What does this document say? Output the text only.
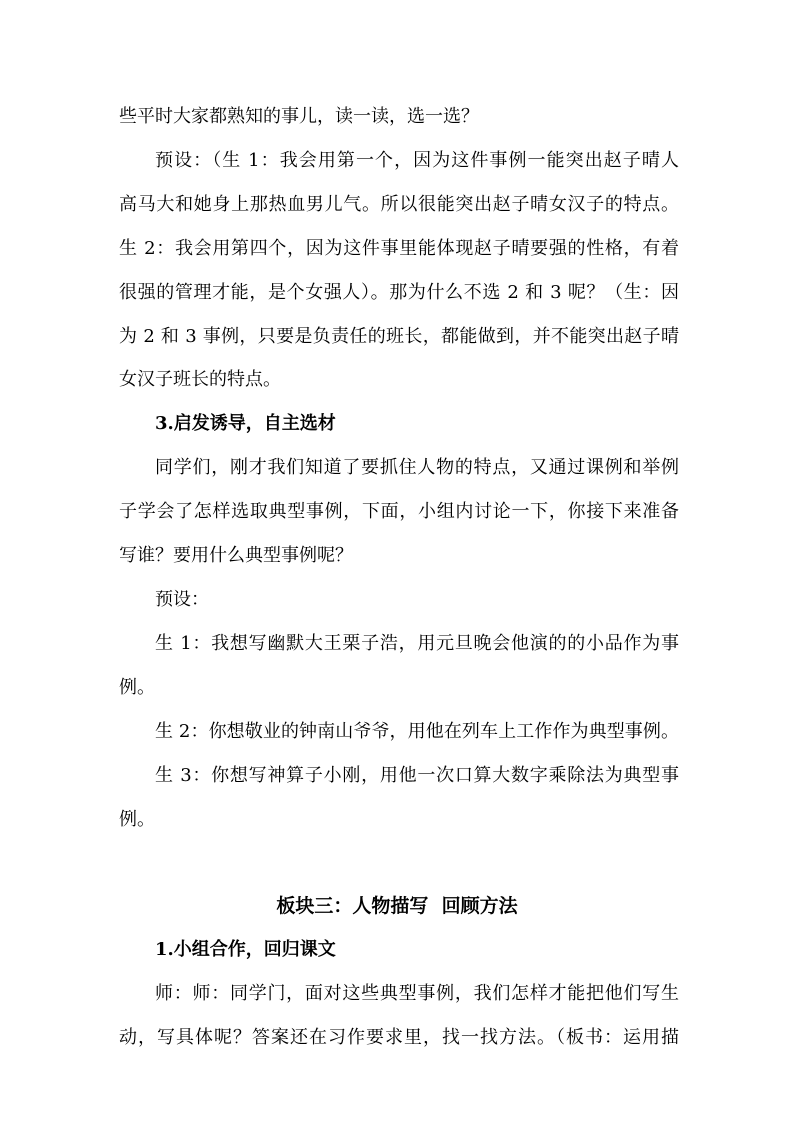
些平时大家都熟知的事儿，读一读，选一选？
预设：（生 1：我会用第一个，因为这件事例一能突出赵子晴人
高马大和她身上那热血男儿气。所以很能突出赵子晴女汉子的特点。
生 2：我会用第四个，因为这件事里能体现赵子晴要强的性格，有着
很强的管理才能，是个女强人）。那为什么不选 2 和 3 呢？（生：因
为 2 和 3 事例，只要是负责任的班长，都能做到，并不能突出赵子晴
女汉子班长的特点。
3.启发诱导，自主选材
同学们，刚才我们知道了要抓住人物的特点，又通过课例和举例
子学会了怎样选取典型事例，下面，小组内讨论一下，你接下来准备
写谁？要用什么典型事例呢？
预设：
生 1：我想写幽默大王栗子浩，用元旦晚会他演的的小品作为事
例。
生 2：你想敬业的钟南山爷爷，用他在列车上工作作为典型事例。
生 3：你想写神算子小刚，用他一次口算大数字乘除法为典型事
例。
板块三：人物描写  回顾方法
1.小组合作，回归课文
师：师：同学门，面对这些典型事例，我们怎样才能把他们写生
动，写具体呢？答案还在习作要求里，找一找方法。（板书：运用描
